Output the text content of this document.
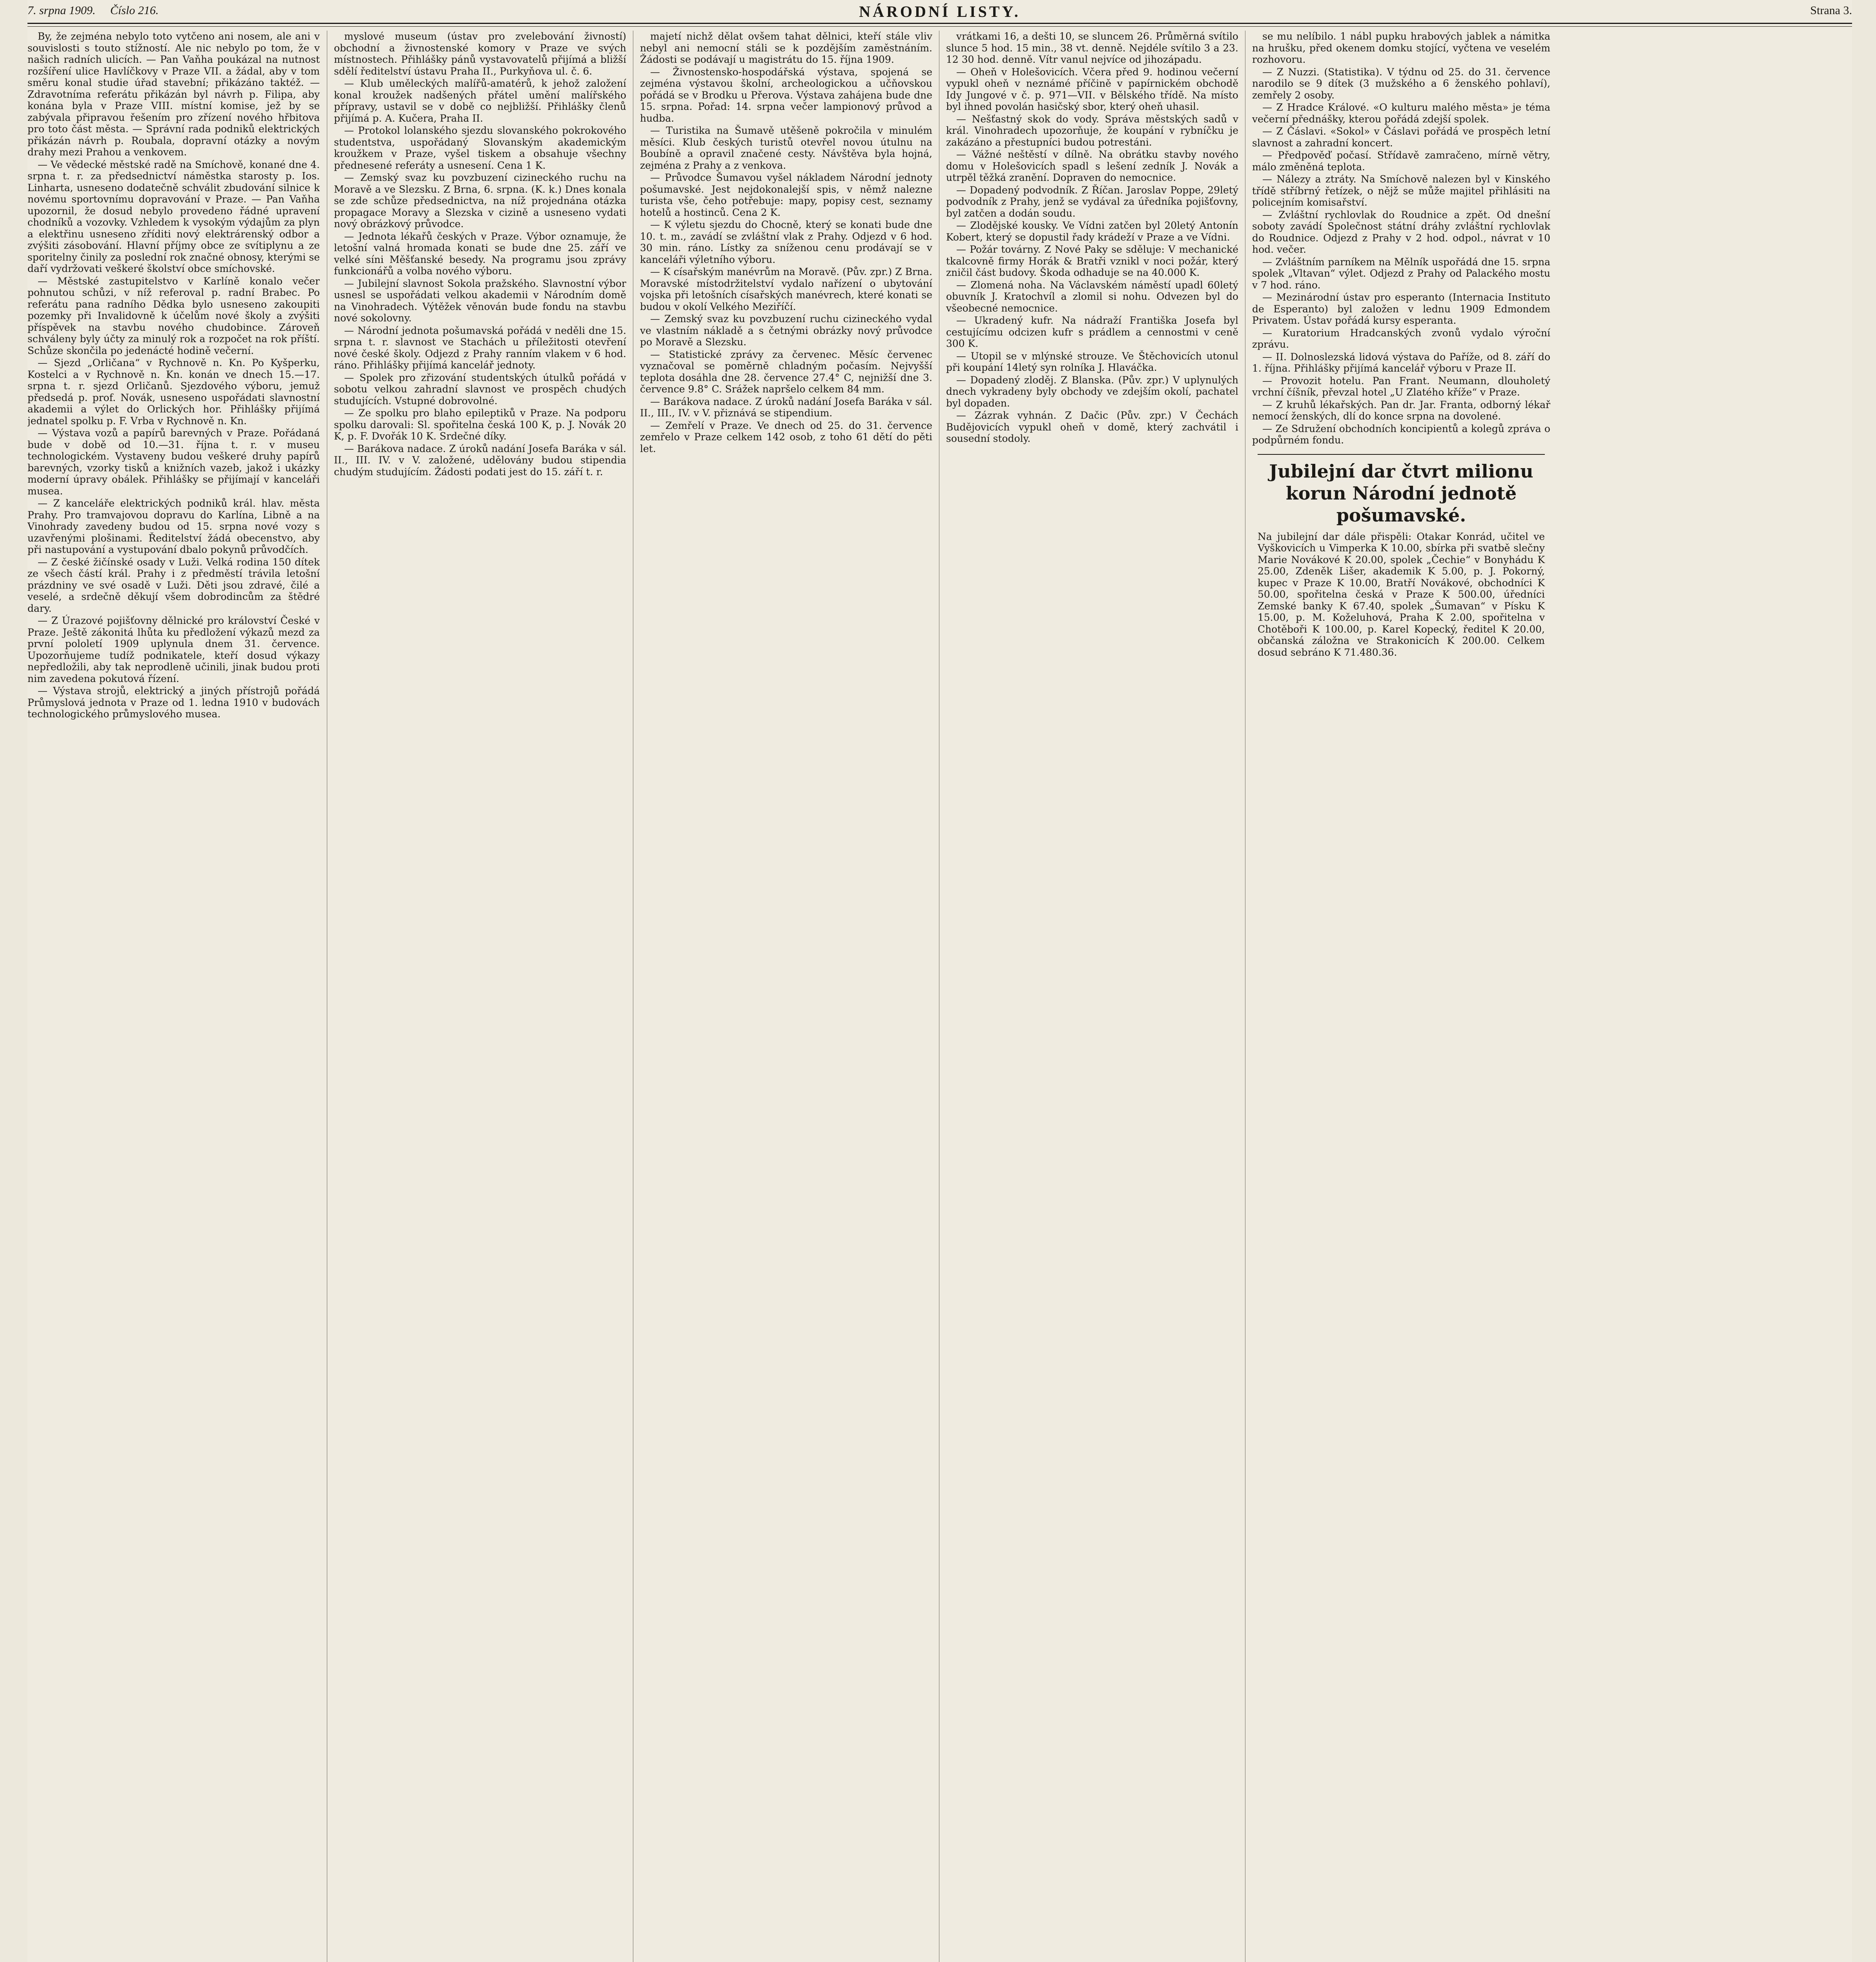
7. srpna 1909. Číslo 216.	NÁRODNÍ LISTY.	Strana 3.

By, že zejména nebylo toto vytčeno ani nosem, ale ani v souvislosti s touto stížností. Ale nic nebylo po tom, že v našich radních ulicích. — Pan Vaňha poukázal na nutnost rozšíření ulice Havlíčkovy v Praze VII. a žádal, aby v tom směru konal studie úřad stavební; přikázáno taktéž. — Zdravotníma referátu přikázán byl návrh p. Filipa, aby konána byla v Praze VIII. místní komise, jež by se zabývala připravou řešením pro zřízení nového hřbitova pro toto část města. — Správní rada podniků elektrických přikázán návrh p. Roubala, dopravní otázky a novým drahy mezi Prahou a venkovem.

— Ve vědecké městské radě na Smíchově, konané dne 4. srpna t. r. za předsednictví náměstka starosty p. Ios. Linharta, usneseno dodatečně schválit zbudování silnice k novému sportovnímu dopravování v Praze. — Pan Vaňha upozornil, že dosud nebylo provedeno řádné upravení chodníků a vozovky. Vzhledem k vysokým výdajům za plyn a elektřinu usneseno zříditi nový elektrárenský odbor a zvýšiti zásobování. Hlavní příjmy obce ze svítiplynu a ze sporitelny činily za poslední rok značné obnosy, kterými se daří vydržovati veškeré školství obce smíchovské.

— Městské zastupitelstvo v Karlíně konalo večer pohnutou schůzi, v níž referoval p. radní Brabec. Po referátu pana radního Dědka bylo usneseno zakoupiti pozemky při Invalidovně k účelům nové školy a zvýšiti příspěvek na stavbu nového chudobince. Zároveň schváleny byly účty za minulý rok a rozpočet na rok příští. Schůze skončila po jedenácté hodině večerní.

— Sjezd „Orličana“ v Rychnově n. Kn. Po Kyšperku, Kostelci a v Rychnově n. Kn. konán ve dnech 15.—17. srpna t. r. sjezd Orličanů. Sjezdového výboru, jemuž předsedá p. prof. Novák, usneseno uspořádati slavnostní akademii a výlet do Orlických hor. Přihlášky přijímá jednatel spolku p. F. Vrba v Rychnově n. Kn.

— Výstava vozů a papírů barevných v Praze. Pořádaná bude v době od 10.—31. října t. r. v museu technologickém. Vystaveny budou veškeré druhy papírů barevných, vzorky tisků a knižních vazeb, jakož i ukázky moderní úpravy obálek. Přihlášky se přijímají v kanceláři musea.

— Z kanceláře elektrických podniků král. hlav. města Prahy. Pro tramvajovou dopravu do Karlína, Libně a na Vinohrady zavedeny budou od 15. srpna nové vozy s uzavřenými plošinami. Ředitelství žádá obecenstvo, aby při nastupování a vystupování dbalo pokynů průvodčích.

— Z české žičínské osady v Luži. Velká rodina 150 dítek ze všech částí král. Prahy i z předměstí trávila letošní prázdniny ve své osadě v Luži. Děti jsou zdravé, čilé a veselé, a srdečně děkují všem dobrodincům za štědré dary.

— Z Úrazové pojišťovny dělnické pro království České v Praze. Ještě zákonitá lhůta ku předložení výkazů mezd za první pololetí 1909 uplynula dnem 31. července. Upozorňujeme tudíž podnikatele, kteří dosud výkazy nepředložili, aby tak neprodleně učinili, jinak budou proti nim zavedena pokutová řízení.

— Výstava strojů, elektrický a jiných přístrojů pořádá Průmyslová jednota v Praze od 1. ledna 1910 v budovách technologického průmyslového musea.

myslové museum (ústav pro zvelebování živností) obchodní a živnostenské komory v Praze ve svých místnostech. Přihlášky pánů vystavovatelů přijímá a bližší sdělí ředitelství ústavu Praha II., Purkyňova ul. č. 6.

— Klub uměleckých malířů-amatérů, k jehož založení konal kroužek nadšených přátel umění malířského přípravy, ustavil se v době co nejbližší. Přihlášky členů přijímá p. A. Kučera, Praha II.

— Protokol lolanského sjezdu slovanského pokrokového studentstva, uspořádaný Slovanským akademickým kroužkem v Praze, vyšel tiskem a obsahuje všechny přednesené referáty a usnesení. Cena 1 K.

— Zemský svaz ku povzbuzení cizineckého ruchu na Moravě a ve Slezsku. Z Brna, 6. srpna. (K. k.) Dnes konala se zde schůze předsednictva, na níž projednána otázka propagace Moravy a Slezska v cizině a usneseno vydati nový obrázkový průvodce.

— Jednota lékařů českých v Praze. Výbor oznamuje, že letošní valná hromada konati se bude dne 25. září ve velké síni Měšťanské besedy. Na programu jsou zprávy funkcionářů a volba nového výboru.

— Jubilejní slavnost Sokola pražského. Slavnostní výbor usnesl se uspořádati velkou akademii v Národním domě na Vinohradech. Výtěžek věnován bude fondu na stavbu nové sokolovny.

— Národní jednota pošumavská pořádá v neděli dne 15. srpna t. r. slavnost ve Stachách u příležitosti otevření nové české školy. Odjezd z Prahy ranním vlakem v 6 hod. ráno. Přihlášky přijímá kancelář jednoty.

— Spolek pro zřizování studentských útulků pořádá v sobotu velkou zahradní slavnost ve prospěch chudých studujících. Vstupné dobrovolné.

— Ze spolku pro blaho epileptiků v Praze. Na podporu spolku darovali: Sl. spořitelna česká 100 K, p. J. Novák 20 K, p. F. Dvořák 10 K. Srdečné díky.

— Barákova nadace. Z úroků nadání Josefa Baráka v sál. II., III. IV. v V. založené, udělovány budou stipendia chudým studujícím. Žádosti podati jest do 15. září t. r.

majetí nichž dělat ovšem tahat dělnici, kteří stále vliv nebyl ani nemocní stáli se k pozdějším zaměstnáním. Žádosti se podávají u magistrátu do 15. října 1909.

— Živnostensko-hospodářská výstava, spojená se zejména výstavou školní, archeologickou a učňovskou pořádá se v Brodku u Přerova. Výstava zahájena bude dne 15. srpna. Pořad: 14. srpna večer lampionový průvod a hudba.

— Turistika na Šumavě utěšeně pokročila v minulém měsíci. Klub českých turistů otevřel novou útulnu na Boubíně a opravil značené cesty. Návštěva byla hojná, zejména z Prahy a z venkova.

— Průvodce Šumavou vyšel nákladem Národní jednoty pošumavské. Jest nejdokonalejší spis, v němž nalezne turista vše, čeho potřebuje: mapy, popisy cest, seznamy hotelů a hostinců. Cena 2 K.

— K výletu sjezdu do Chocně, který se konati bude dne 10. t. m., zavádí se zvláštní vlak z Prahy. Odjezd v 6 hod. 30 min. ráno. Lístky za sníženou cenu prodávají se v kanceláři výletního výboru.

— K císařským manévrům na Moravě. (Pův. zpr.) Z Brna. Moravské místodržitelství vydalo nařízení o ubytování vojska při letošních císařských manévrech, které konati se budou v okolí Velkého Meziříčí.

— Zemský svaz ku povzbuzení ruchu cizineckého vydal ve vlastním nákladě a s četnými obrázky nový průvodce po Moravě a Slezsku.

— Statistické zprávy za červenec. Měsíc červenec vyznačoval se poměrně chladným počasím. Nejvyšší teplota dosáhla dne 28. července 27.4° C, nejnižší dne 3. července 9.8° C. Srážek napršelo celkem 84 mm.

— Barákova nadace. Z úroků nadání Josefa Baráka v sál. II., III., IV. v V. přiznává se stipendium.

— Zemřelí v Praze. Ve dnech od 25. do 31. července zemřelo v Praze celkem 142 osob, z toho 61 dětí do pěti let.

vrátkami 16, a dešti 10, se sluncem 26. Průměrná svítilo slunce 5 hod. 15 min., 38 vt. denně. Nejdéle svítilo 3 a 23. 12 30 hod. denně. Vítr vanul nejvíce od jihozápadu.

— Oheň v Holešovicích. Včera před 9. hodinou večerní vypukl oheň v neznámé příčině v papírnickém obchodě Idy Jungové v č. p. 971—VII. v Bělského třídě. Na místo byl ihned povolán hasičský sbor, který oheň uhasil.

— Nešťastný skok do vody. Správa městských sadů v král. Vinohradech upozorňuje, že koupání v rybníčku je zakázáno a přestupníci budou potrestáni.

— Vážné neštěstí v dílně. Na obrátku stavby nového domu v Holešovicích spadl s lešení zedník J. Novák a utrpěl těžká zranění. Dopraven do nemocnice.

— Dopadený podvodník. Z Říčan. Jaroslav Poppe, 29letý podvodník z Prahy, jenž se vydával za úředníka pojišťovny, byl zatčen a dodán soudu.

— Zlodějské kousky. Ve Vídni zatčen byl 20letý Antonín Kobert, který se dopustil řady krádeží v Praze a ve Vídni.

— Požár továrny. Z Nové Paky se sděluje: V mechanické tkalcovně firmy Horák & Bratři vznikl v noci požár, který zničil část budovy. Škoda odhaduje se na 40.000 K.

— Zlomená noha. Na Václavském náměstí upadl 60letý obuvník J. Kratochvíl a zlomil si nohu. Odvezen byl do všeobecné nemocnice.

— Ukradený kufr. Na nádraží Františka Josefa byl cestujícímu odcizen kufr s prádlem a cennostmi v ceně 300 K.

— Utopil se v mlýnské strouze. Ve Štěchovicích utonul při koupání 14letý syn rolníka J. Hlaváčka.

— Dopadený zloděj. Z Blanska. (Pův. zpr.) V uplynulých dnech vykradeny byly obchody ve zdejším okolí, pachatel byl dopaden.

— Zázrak vyhnán. Z Dačic (Pův. zpr.) V Čechách Budějovicích vypukl oheň v domě, který zachvátil i sousední stodoly.

se mu nelíbilo. 1 nábl pupku hrabových jablek a námitka na hrušku, před okenem domku stojící, vyčtena ve veselém rozhovoru.

— Z Nuzzi. (Statistika). V týdnu od 25. do 31. července narodilo se 9 dítek (3 mužského a 6 ženského pohlaví), zemřely 2 osoby.

— Z Hradce Králové. «O kulturu malého města» je téma večerní přednášky, kterou pořádá zdejší spolek.

— Z Čáslavi. «Sokol» v Čáslavi pořádá ve prospěch letní slavnost a zahradní koncert.

— Předpověď počasí. Střídavě zamračeno, mírně větry, málo změněná teplota.

— Nálezy a ztráty. Na Smíchově nalezen byl v Kinského třídě stříbrný řetízek, o nějž se může majitel přihlásiti na policejním komisařství.

— Zvláštní rychlovlak do Roudnice a zpět. Od dnešní soboty zavádí Společnost státní dráhy zvláštní rychlovlak do Roudnice. Odjezd z Prahy v 2 hod. odpol., návrat v 10 hod. večer.

— Zvláštním parníkem na Mělník uspořádá dne 15. srpna spolek „Vltavan“ výlet. Odjezd z Prahy od Palackého mostu v 7 hod. ráno.

— Mezinárodní ústav pro esperanto (Internacia Instituto de Esperanto) byl založen v lednu 1909 Edmondem Privatem. Ústav pořádá kursy esperanta.

— Kuratorium Hradcanských zvonů vydalo výroční zprávu.

— II. Dolnoslezská lidová výstava do Paříže, od 8. září do 1. října. Přihlášky přijímá kancelář výboru v Praze II.

— Provozit hotelu. Pan Frant. Neumann, dlouholetý vrchní číšník, převzal hotel „U Zlatého kříže“ v Praze.

— Z kruhů lékařských. Pan dr. Jar. Franta, odborný lékař nemocí ženských, dlí do konce srpna na dovolené.

— Ze Sdružení obchodních koncipientů a kolegů zpráva o podpůrném fondu.

Jubilejní dar čtvrt milionu korun Národní jednotě pošumavské.
Na jubilejní dar dále přispěli: Otakar Konrád, učitel ve Vyškovicích u Vimperka K 10.00, sbírka při svatbě slečny Marie Novákové K 20.00, spolek „Čechie“ v Bonyhádu K 25.00, Zdeněk Lišer, akademik K 5.00, p. J. Pokorný, kupec v Praze K 10.00, Bratří Novákové, obchodníci K 50.00, spořitelna česká v Praze K 500.00, úředníci Zemské banky K 67.40, spolek „Šumavan“ v Písku K 15.00, p. M. Koželuhová, Praha K 2.00, spořitelna v Chotěboři K 100.00, p. Karel Kopecký, ředitel K 20.00, občanská záložna ve Strakonicích K 200.00. Celkem dosud sebráno K 71.480.36.
